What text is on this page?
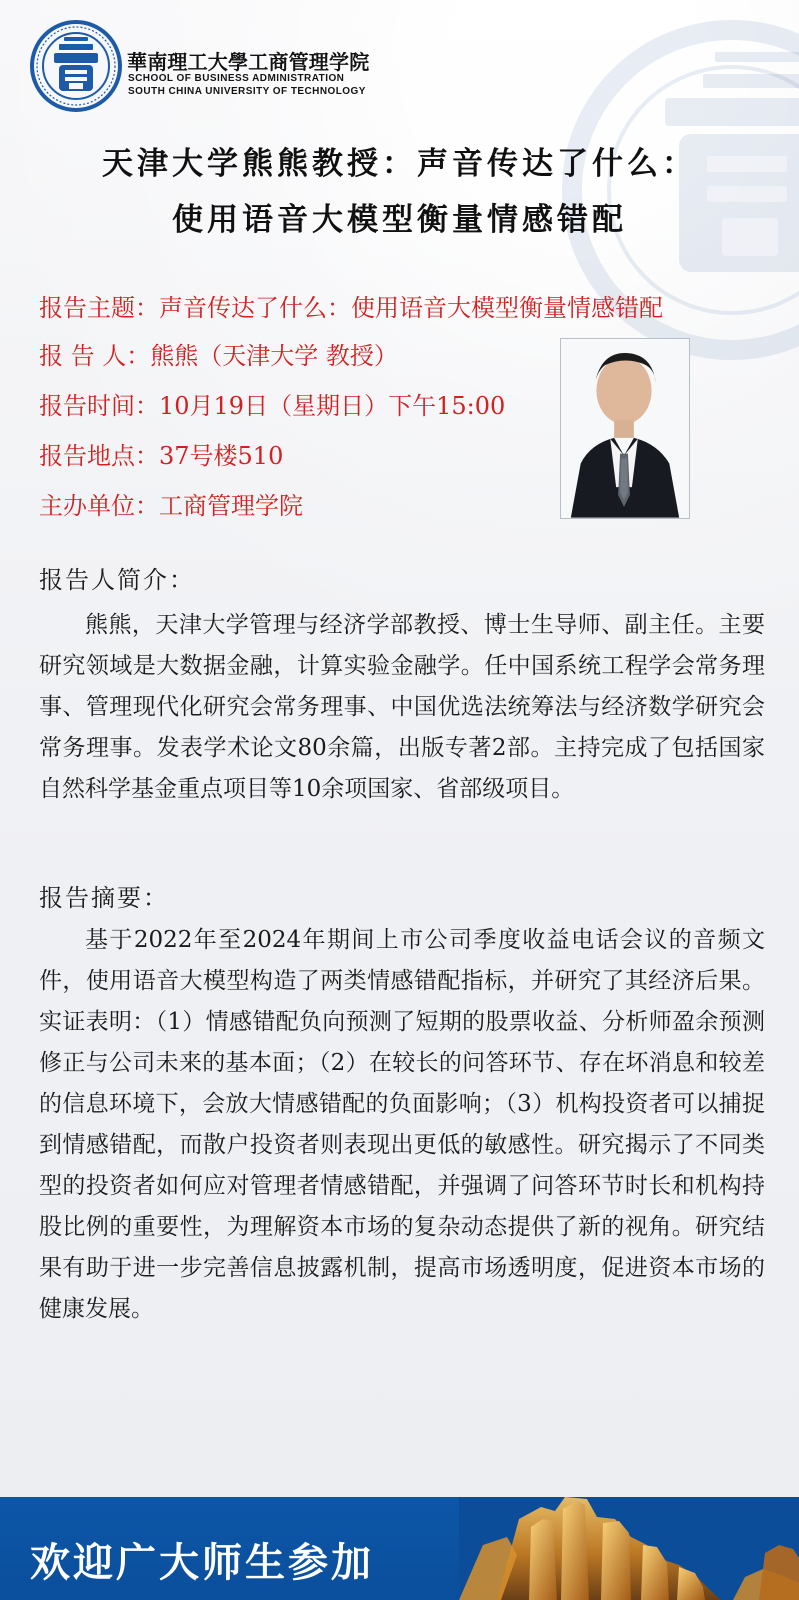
華南理工大學工商管理学院
SCHOOL OF BUSINESS ADMINISTRATION
SOUTH CHINA UNIVERSITY OF TECHNOLOGY
天津大学熊熊教授：声音传达了什么：
使用语音大模型衡量情感错配
报告主题：声音传达了什么：使用语音大模型衡量情感错配
报 告 人：熊熊（天津大学 教授）
报告时间：10月19日（星期日）下午15:00
报告地点：37号楼510
主办单位：工商管理学院
报告人简介：

熊熊，天津大学管理与经济学部教授、博士生导师、副主任。主要研究领域是大数据金融，计算实验金融学。任中国系统工程学会常务理事、管理现代化研究会常务理事、中国优选法统筹法与经济数学研究会常务理事。发表学术论文80余篇，出版专著2部。主持完成了包括国家自然科学基金重点项目等10余项国家、省部级项目。

报告摘要：

基于2022年至2024年期间上市公司季度收益电话会议的音频文件，使用语音大模型构造了两类情感错配指标，并研究了其经济后果。实证表明：（1）情感错配负向预测了短期的股票收益、分析师盈余预测修正与公司未来的基本面；（2）在较长的问答环节、存在坏消息和较差的信息环境下，会放大情感错配的负面影响；（3）机构投资者可以捕捉到情感错配，而散户投资者则表现出更低的敏感性。研究揭示了不同类型的投资者如何应对管理者情感错配，并强调了问答环节时长和机构持股比例的重要性，为理解资本市场的复杂动态提供了新的视角。研究结果有助于进一步完善信息披露机制，提高市场透明度，促进资本市场的健康发展。

欢迎广大师生参加
